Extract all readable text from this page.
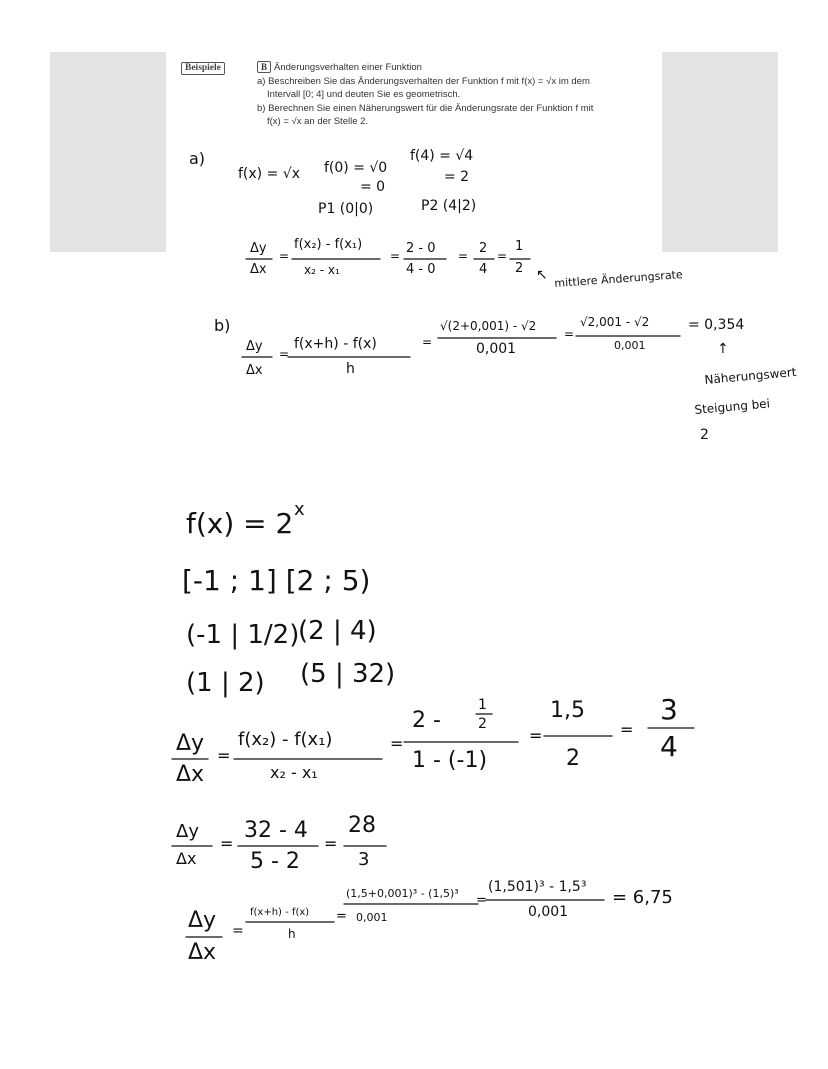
Beispiele	B Änderungsverhalten einer Funktion
a) Beschreiben Sie das Änderungsverhalten der Funktion f mit f(x) = √x im dem
Intervall [0; 4] und deuten Sie es geometrisch.
b) Berechnen Sie einen Näherungswert für die Änderungsrate der Funktion f mit
f(x) = √x an der Stelle 2.
a)
f(x) = √x f(0) = √0
= 0
f(4) = √4
= 2
P1 (0|0)	P2 (4|2)
Δy
Δx
=
f(x₂) - f(x₁)
x₂ - x₁
= 2 - 0
4 - 0
= 2
4
=
1
2 ↖ mittlere Änderungsrate
b)
Δy
Δx
=
f(x+h) - f(x)
h
=
√(2+0,001) - √2
0,001
=
√2,001 - √2
0,001
= 0,354
↑
Näherungswert
Steigung bei
2
f(x) = 2 x
[-1 ; 1] [2 ; 5)
(-1 | 1/2)
(2 | 4)
(1 | 2) (5 | 32)
Δy
Δx
=
f(x₂) - f(x₁)
x₂ - x₁
=
2 -
1
2
1 - (-1)
=
1,5
2
=
3
4
Δy
Δx
=
32 - 4
5 - 2
=
28
3
Δy
Δx
=
f(x+h) - f(x)
h
=
(1,5+0,001)³ - (1,5)³
0,001
=
(1,501)³ - 1,5³
0,001
= 6,75
